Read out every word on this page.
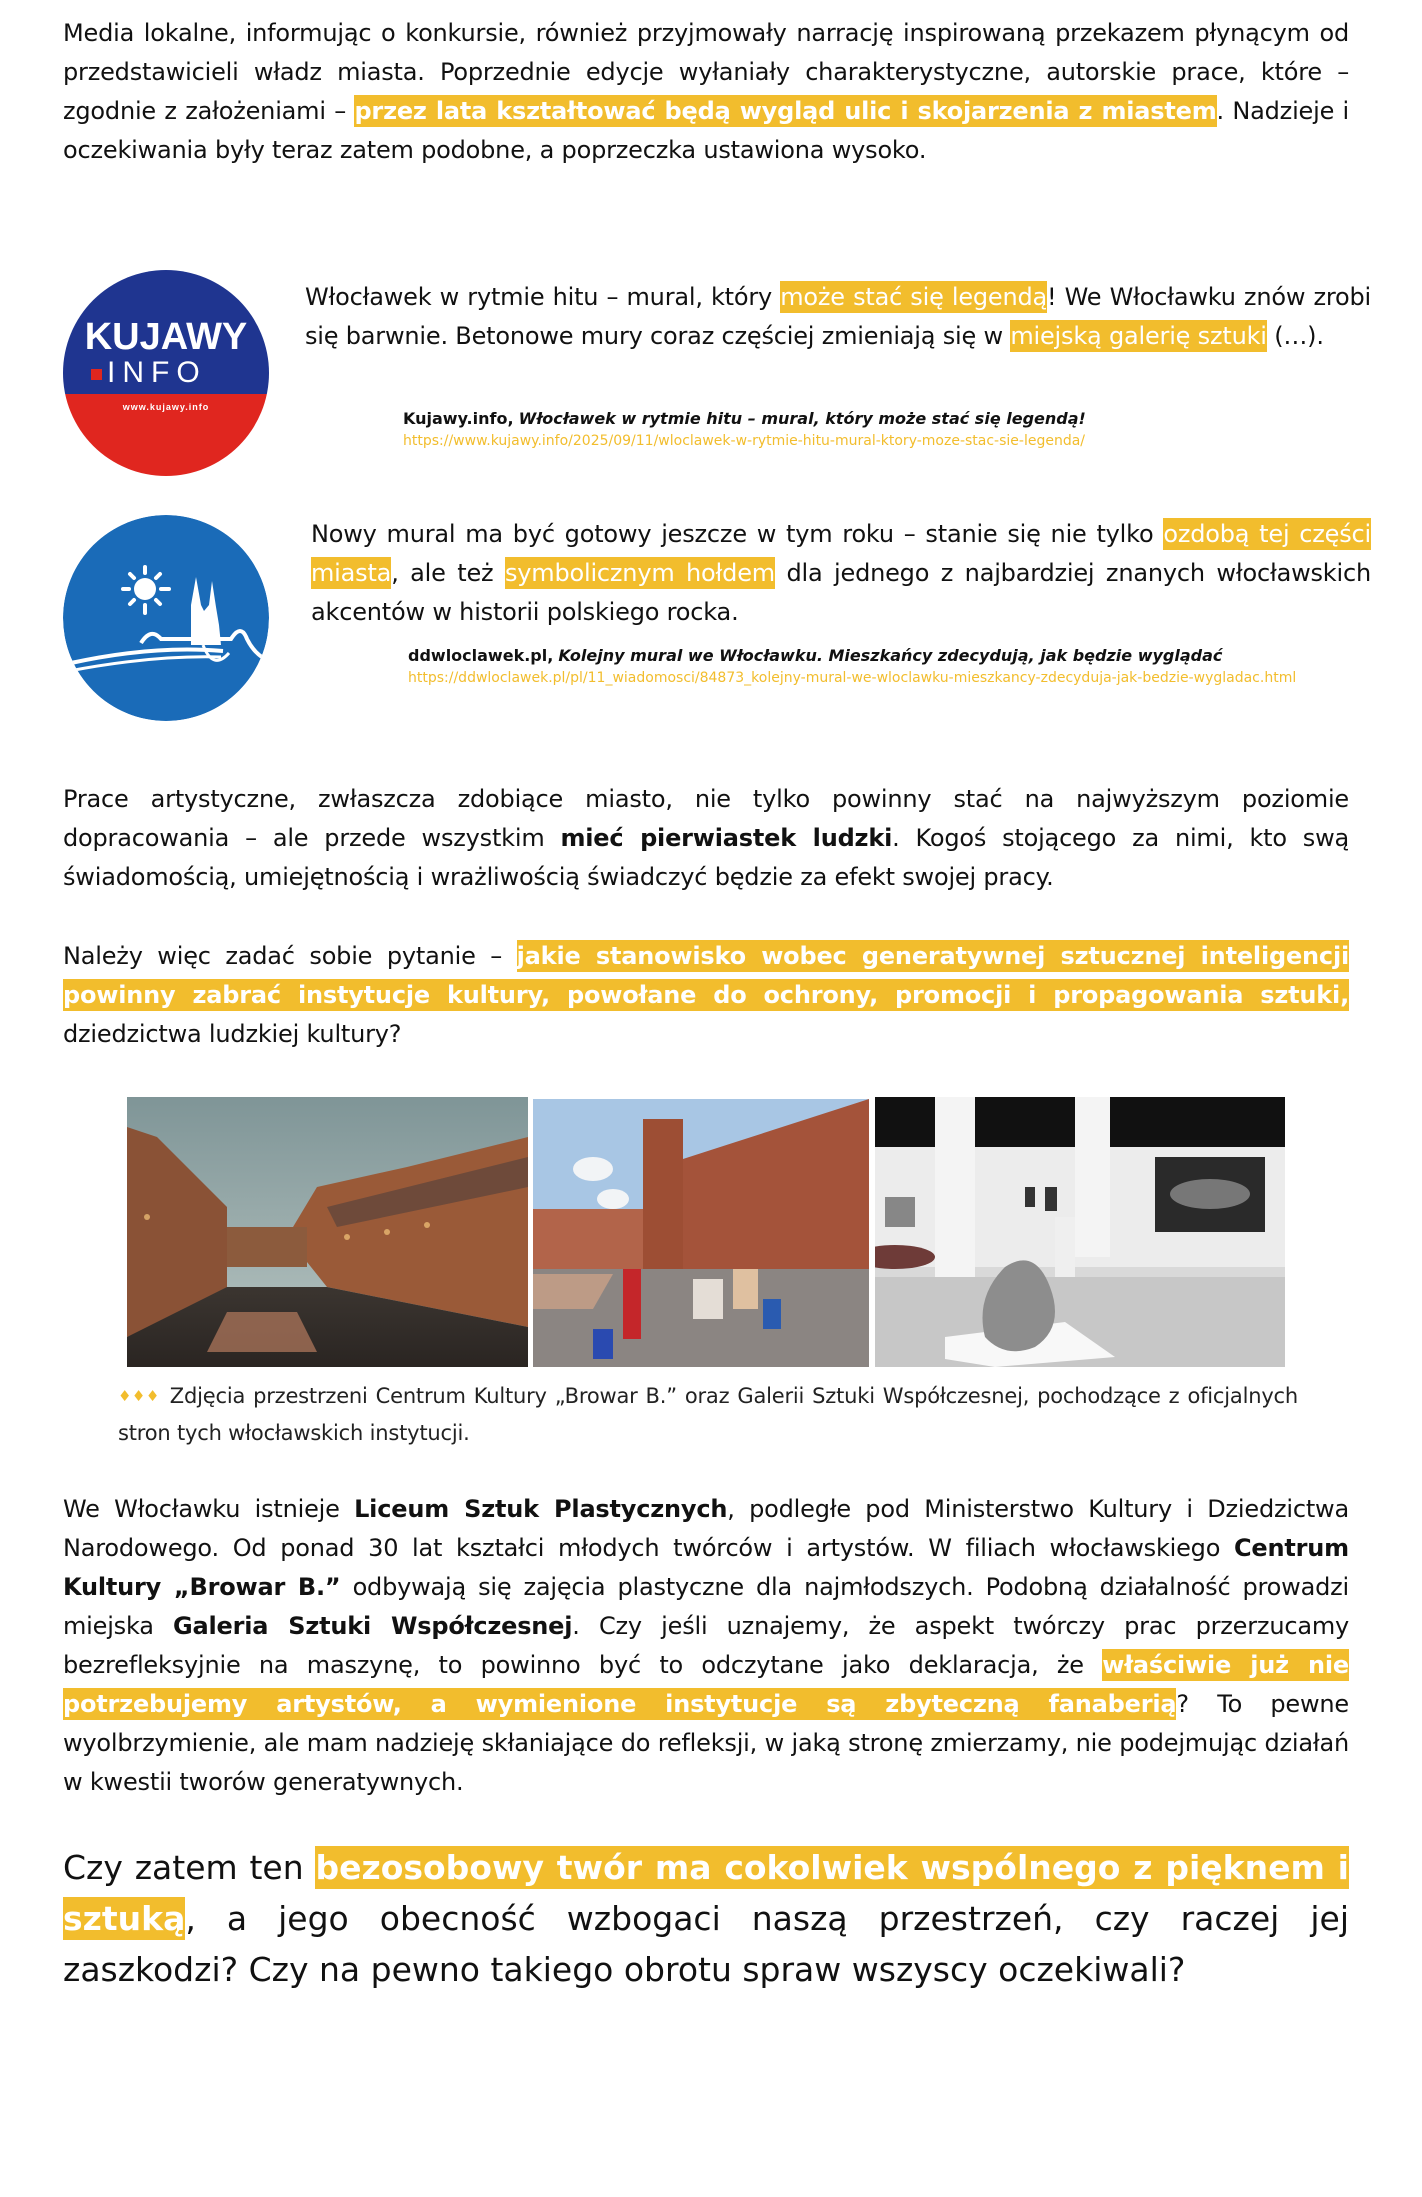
Media lokalne, informując o konkursie, również przyjmowały narrację inspirowaną przekazem płynącym od przedstawicieli władz miasta. Poprzednie edycje wyłaniały charakterystyczne, autorskie prace, które – zgodnie z założeniami – przez lata kształtować będą wygląd ulic i skojarzenia z miastem. Nadzieje i oczekiwania były teraz zatem podobne, a poprzeczka ustawiona wysoko.
KUJAWY
INFO
www.kujawy.info
Włocławek w rytmie hitu – mural, który może stać się legendą! We Włocławku znów zrobi się barwnie. Betonowe mury coraz częściej zmieniają się w miejską galerię sztuki (…).
Kujawy.info, Włocławek w rytmie hitu – mural, który może stać się legendą!
https://www.kujawy.info/2025/09/11/wloclawek-w-rytmie-hitu-mural-ktory-moze-stac-sie-legenda/
Nowy mural ma być gotowy jeszcze w tym roku – stanie się nie tylko ozdobą tej części miasta, ale też symbolicznym hołdem dla jednego z najbardziej znanych włocławskich akcentów w historii polskiego rocka.
ddwloclawek.pl, Kolejny mural we Włocławku. Mieszkańcy zdecydują, jak będzie wyglądać
https://ddwloclawek.pl/pl/11_wiadomosci/84873_kolejny-mural-we-wloclawku-mieszkancy-zdecyduja-jak-bedzie-wygladac.html
Prace artystyczne, zwłaszcza zdobiące miasto, nie tylko powinny stać na najwyższym poziomie dopracowania – ale przede wszystkim mieć pierwiastek ludzki. Kogoś stojącego za nimi, kto swą świadomością, umiejętnością i wrażliwością świadczyć będzie za efekt swojej pracy.
Należy więc zadać sobie pytanie – jakie stanowisko wobec generatywnej sztucznej inteligencji powinny zabrać instytucje kultury, powołane do ochrony, promocji i propagowania sztuki, dziedzictwa ludzkiej kultury?
♦♦♦ Zdjęcia przestrzeni Centrum Kultury „Browar B.” oraz Galerii Sztuki Współczesnej, pochodzące z oficjalnych stron tych włocławskich instytucji.
We Włocławku istnieje Liceum Sztuk Plastycznych, podległe pod Ministerstwo Kultury i Dziedzictwa Narodowego. Od ponad 30 lat kształci młodych twórców i artystów. W filiach włocławskiego Centrum Kultury „Browar B.” odbywają się zajęcia plastyczne dla najmłodszych. Podobną działalność prowadzi miejska Galeria Sztuki Współczesnej. Czy jeśli uznajemy, że aspekt twórczy prac przerzucamy bezrefleksyjnie na maszynę, to powinno być to odczytane jako deklaracja, że właściwie już nie potrzebujemy artystów, a wymienione instytucje są zbyteczną fanaberią? To pewne wyolbrzymienie, ale mam nadzieję skłaniające do refleksji, w jaką stronę zmierzamy, nie podejmując działań w kwestii tworów generatywnych.
Czy zatem ten bezosobowy twór ma cokolwiek wspólnego z pięknem i sztuką, a jego obecność wzbogaci naszą przestrzeń, czy raczej jej zaszkodzi? Czy na pewno takiego obrotu spraw wszyscy oczekiwali?
